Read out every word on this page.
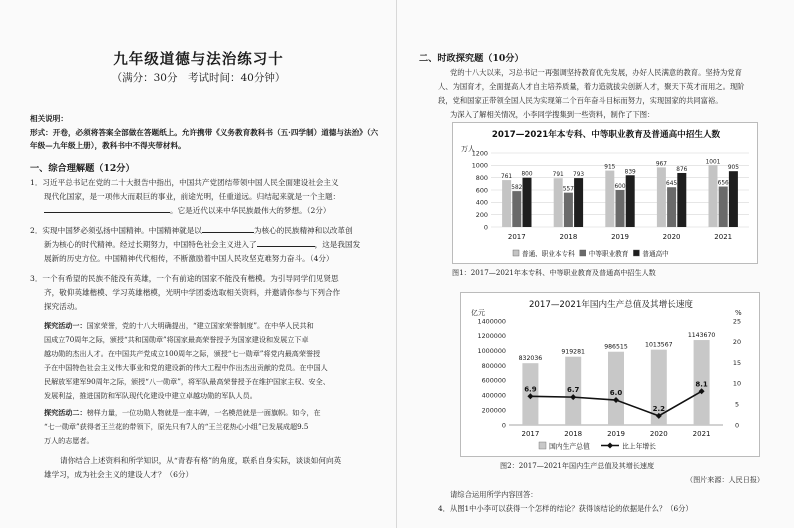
九年级道德与法治练习十
（满分：30分　考试时间：40分钟）
相关说明：
形式：开卷，必须将答案全部做在答题纸上。允许携带《义务教育教科书（五·四学制）道德与法治》（六年级—九年级上册），教科书中不得夹带材料。
一、综合理解题（12分）
1．习近平总书记在党的二十大报告中指出，中国共产党团结带领中国人民全面建设社会主义
现代化国家，是一项伟大而艰巨的事业，前途光明，任重道远。归结起来就是一个主题：
。它是近代以来中华民族最伟大的梦想。（2分）
2．实现中国梦必须弘扬中国精神。中国精神就是以	为核心的民族精神和以改革创
新为核心的时代精神。经过长期努力，中国特色社会主义进入了	，这是我国发
展新的历史方位。中国精神代代相传，不断激励着中国人民攻坚克难努力奋斗。（4分）
3．一个有希望的民族不能没有英雄，一个有前途的国家不能没有楷模。为引导同学们见贤思
齐，敬仰英雄楷模、学习英雄楷模，光明中学团委选取相关资料，并邀请你参与下列合作
探究活动。
探究活动一：国家荣誉，党的十八大明确提出，“建立国家荣誉制度”。在中华人民共和
国成立70周年之际，颁授“共和国勋章”将国家最高荣誉授予为国家建设和发展立下卓
越功勋的杰出人才。在中国共产党成立100周年之际，颁授“七一勋章”将党内最高荣誉授
予在中国特色社会主义伟大事业和党的建设新的伟大工程中作出杰出贡献的党员。在中国人
民解放军建军90周年之际，颁授“八一勋章”，将军队最高荣誉授予在维护国家主权、安全、
发展利益，推进国防和军队现代化建设中建立卓越功勋的军队人员。
探究活动二：榜样力量，一位功勋人物就是一座丰碑，一名模范就是一面旗帜。如今，在
“七一勋章”获得者王兰花的带领下，原先只有7人的“王兰花热心小组”已发展成超9.5
万人的志愿者。
请你结合上述资料和所学知识，从“青春有格”的角度，联系自身实际，谈谈如何向英
雄学习，成为社会主义的建设人才？（6分）
二、时政探究题（10分）
党的十八大以来，习总书记一再强调坚持教育优先发展，办好人民满意的教育。坚持为党育
人、为国育才，全面提高人才自主培养质量，着力造就拔尖创新人才，聚天下英才而用之。现阶
段，党和国家正带领全国人民为实现第二个百年奋斗目标而努力，实现国家的共同富裕。
为深入了解相关情况，小李同学搜集到一些资料，制作了下图：
2017—2021年本专科、中等职业教育及普通高中招生人数
万人
0
200
400
600
800
1000
1200
761
582
800	791
557
793
915
600
839
967
645
876
1001
656
905
2017	2018	2019	2020	2021
普通、职业本专科 中等职业教育 普通高中
图1：2017—2021年本专科、中等职业教育及普通高中招生人数
2017—2021年国内生产总值及其增长速度
亿元	%
0
200000
400000
600000
800000
1000000
1200000
1400000
0
5
10
15
20
25
832036
919281
986515	1013567
1143670
6.9	6.7	6.0
2.2
8.1
2017	2018	2019	2020	2021
国内生产总值	比上年增长
图2：2017—2021年国内生产总值及其增长速度
（图片来源：人民日报）
请综合运用所学内容回答：
4．从图1中小李可以获得一个怎样的结论？获得该结论的依据是什么？（6分）
